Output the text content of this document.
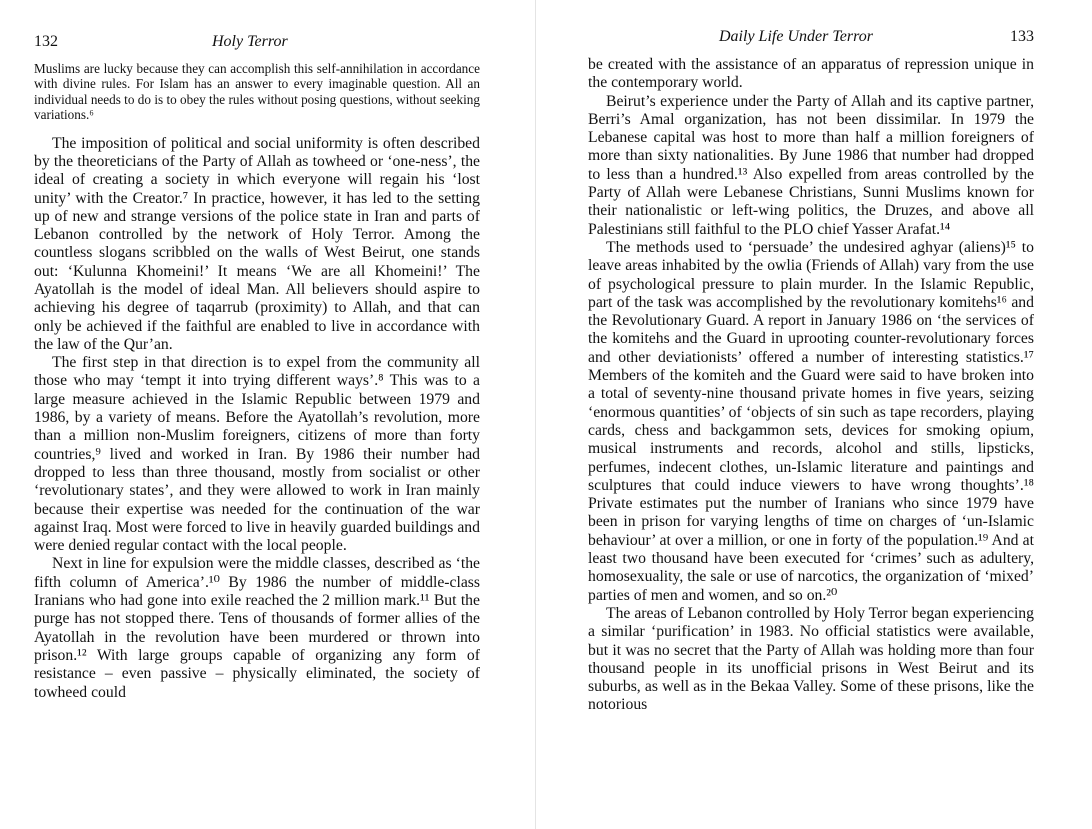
132	Holy Terror
Muslims are lucky because they can accomplish this self-annihilation in accordance with divine rules. For Islam has an answer to every imaginable question. All an individual needs to do is to obey the rules without posing questions, without seeking variations.⁶

The imposition of political and social uniformity is often described by the theoreticians of the Party of Allah as towheed or ‘one-ness’, the ideal of creating a society in which everyone will regain his ‘lost unity’ with the Creator.⁷ In practice, however, it has led to the setting up of new and strange versions of the police state in Iran and parts of Lebanon controlled by the network of Holy Terror. Among the countless slogans scribbled on the walls of West Beirut, one stands out: ‘Kulunna Khomeini!’ It means ‘We are all Khomeini!’ The Ayatollah is the model of ideal Man. All believers should aspire to achieving his degree of taqarrub (proximity) to Allah, and that can only be achieved if the faithful are enabled to live in accordance with the law of the Qur’an.

The first step in that direction is to expel from the community all those who may ‘tempt it into trying different ways’.⁸ This was to a large measure achieved in the Islamic Republic between 1979 and 1986, by a variety of means. Before the Ayatollah’s revolution, more than a million non-Muslim foreigners, citizens of more than forty countries,⁹ lived and worked in Iran. By 1986 their number had dropped to less than three thousand, mostly from socialist or other ‘revolutionary states’, and they were allowed to work in Iran mainly because their expertise was needed for the continuation of the war against Iraq. Most were forced to live in heavily guarded buildings and were denied regular contact with the local people.

Next in line for expulsion were the middle classes, described as ‘the fifth column of America’.¹⁰ By 1986 the number of middle-class Iranians who had gone into exile reached the 2 million mark.¹¹ But the purge has not stopped there. Tens of thousands of former allies of the Ayatollah in the revolution have been murdered or thrown into prison.¹² With large groups capable of organizing any form of resistance – even passive – physically eliminated, the society of towheed could

Daily Life Under Terror	133

be created with the assistance of an apparatus of repression unique in the contemporary world.

Beirut’s experience under the Party of Allah and its captive partner, Berri’s Amal organization, has not been dissimilar. In 1979 the Lebanese capital was host to more than half a million foreigners of more than sixty nationalities. By June 1986 that number had dropped to less than a hundred.¹³ Also expelled from areas controlled by the Party of Allah were Lebanese Christians, Sunni Muslims known for their nationalistic or left-wing politics, the Druzes, and above all Palestinians still faithful to the PLO chief Yasser Arafat.¹⁴

The methods used to ‘persuade’ the undesired aghyar (aliens)¹⁵ to leave areas inhabited by the owlia (Friends of Allah) vary from the use of psychological pressure to plain murder. In the Islamic Republic, part of the task was accomplished by the revolutionary komitehs¹⁶ and the Revolutionary Guard. A report in January 1986 on ‘the services of the komitehs and the Guard in uprooting counter-revolutionary forces and other deviationists’ offered a number of interesting statistics.¹⁷ Members of the komiteh and the Guard were said to have broken into a total of seventy-nine thousand private homes in five years, seizing ‘enormous quantities’ of ‘objects of sin such as tape recorders, playing cards, chess and backgammon sets, devices for smoking opium, musical instruments and records, alcohol and stills, lipsticks, perfumes, indecent clothes, un-Islamic literature and paintings and sculptures that could induce viewers to have wrong thoughts’.¹⁸ Private estimates put the number of Iranians who since 1979 have been in prison for varying lengths of time on charges of ‘un-Islamic behaviour’ at over a million, or one in forty of the population.¹⁹ And at least two thousand have been executed for ‘crimes’ such as adultery, homosexuality, the sale or use of narcotics, the organization of ‘mixed’ parties of men and women, and so on.²⁰

The areas of Lebanon controlled by Holy Terror began experiencing a similar ‘purification’ in 1983. No official statistics were available, but it was no secret that the Party of Allah was holding more than four thousand people in its unofficial prisons in West Beirut and its suburbs, as well as in the Bekaa Valley. Some of these prisons, like the notorious
